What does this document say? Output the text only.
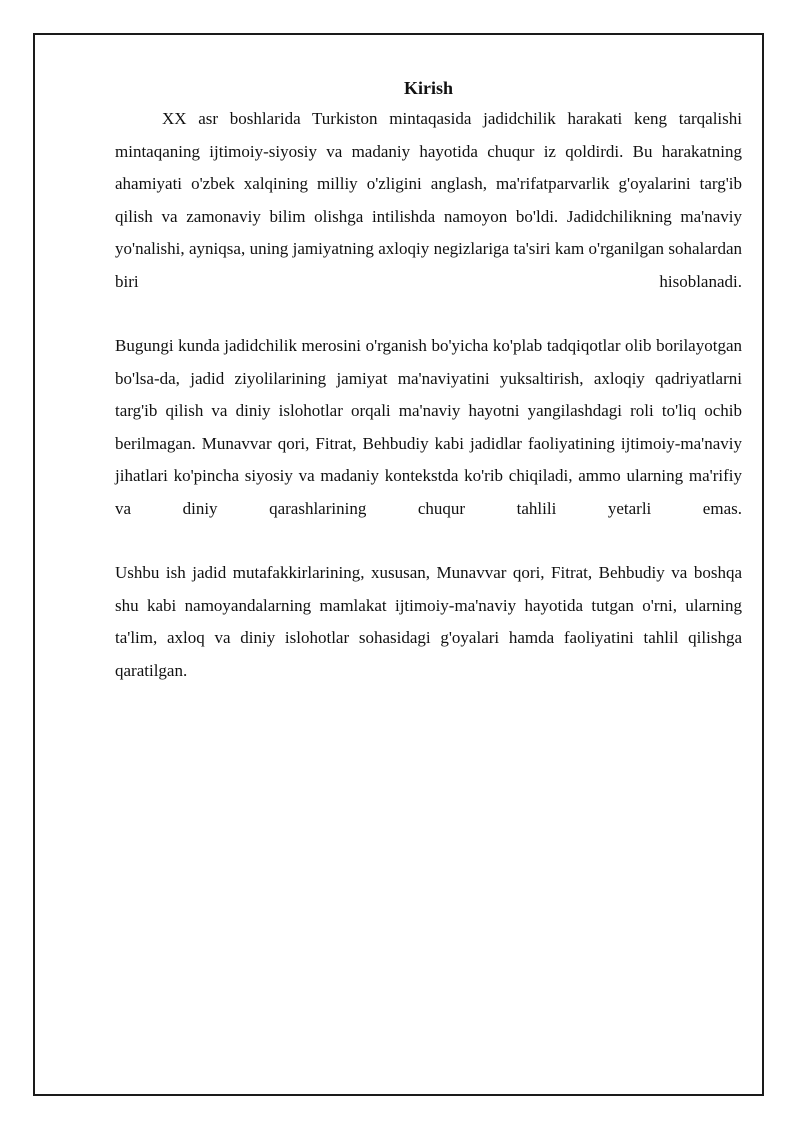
Kirish

XX asr boshlarida Turkiston mintaqasida jadidchilik harakati keng tarqalishi mintaqaning ijtimoiy-siyosiy va madaniy hayotida chuqur iz qoldirdi. Bu harakatning ahamiyati o'zbek xalqining milliy o'zligini anglash, ma'rifatparvarlik g'oyalarini targ'ib qilish va zamonaviy bilim olishga intilishda namoyon bo'ldi. Jadidchilikning ma'naviy yo'nalishi, ayniqsa, uning jamiyatning axloqiy negizlariga ta'siri kam o'rganilgan sohalardan biri hisoblanadi.

Bugungi kunda jadidchilik merosini o'rganish bo'yicha ko'plab tadqiqotlar olib borilayotgan bo'lsa-da, jadid ziyolilarining jamiyat ma'naviyatini yuksaltirish, axloqiy qadriyatlarni targ'ib qilish va diniy islohotlar orqali ma'naviy hayotni yangilashdagi roli to'liq ochib berilmagan. Munavvar qori, Fitrat, Behbudiy kabi jadidlar faoliyatining ijtimoiy-ma'naviy jihatlari ko'pincha siyosiy va madaniy kontekstda ko'rib chiqiladi, ammo ularning ma'rifiy va diniy qarashlarining chuqur tahlili yetarli emas.

Ushbu ish jadid mutafakkirlarining, xususan, Munavvar qori, Fitrat, Behbudiy va boshqa shu kabi namoyandalarning mamlakat ijtimoiy-ma'naviy hayotida tutgan o'rni, ularning ta'lim, axloq va diniy islohotlar sohasidagi g'oyalari hamda faoliyatini tahlil qilishga qaratilgan.
